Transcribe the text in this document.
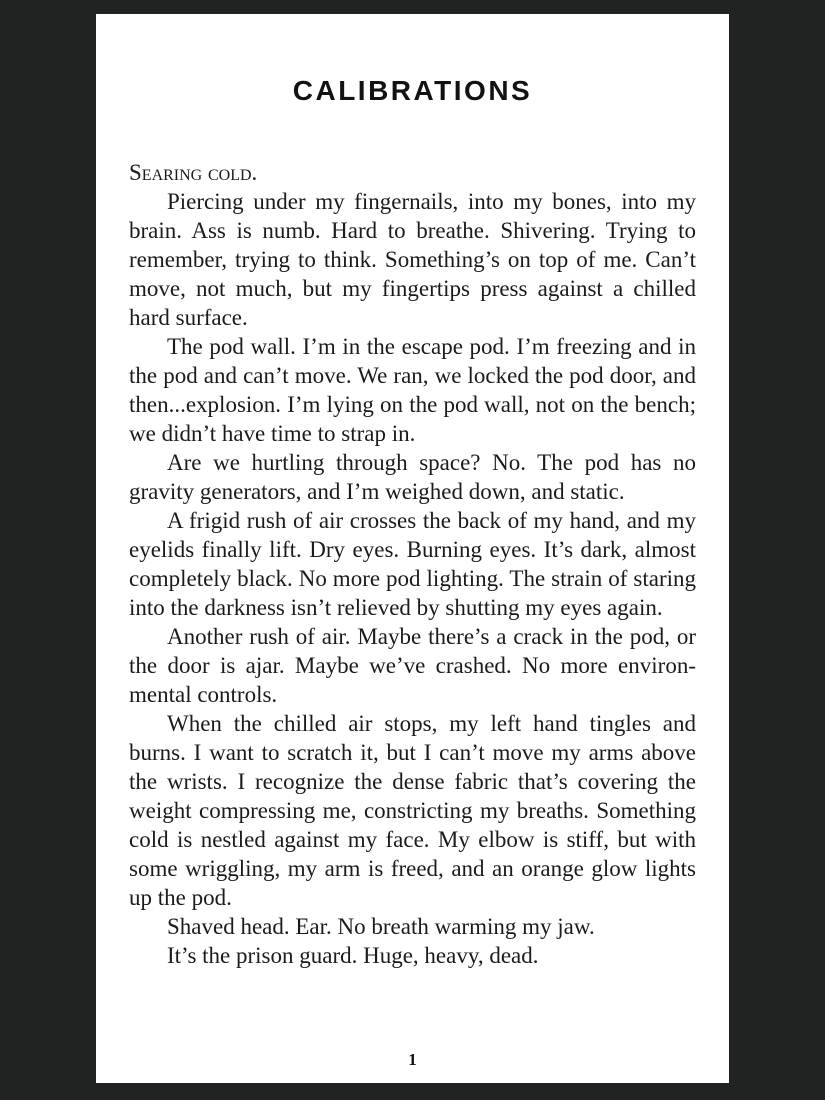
CALIBRATIONS

Searing cold.

Piercing under my fingernails, into my bones, into my brain. Ass is numb. Hard to breathe. Shivering. Trying to remember, trying to think. Something’s on top of me. Can’t move, not much, but my fingertips press against a chilled hard surface.

The pod wall. I’m in the escape pod. I’m freezing and in the pod and can’t move. We ran, we locked the pod door, and then...explosion. I’m lying on the pod wall, not on the bench; we didn’t have time to strap in.

Are we hurtling through space? No. The pod has no gravity generators, and I’m weighed down, and static.

A frigid rush of air crosses the back of my hand, and my eyelids finally lift. Dry eyes. Burning eyes. It’s dark, almost completely black. No more pod lighting. The strain of staring into the darkness isn’t relieved by shutting my eyes again.

Another rush of air. Maybe there’s a crack in the pod, or the door is ajar. Maybe we’ve crashed. No more environmental controls.

When the chilled air stops, my left hand tingles and burns. I want to scratch it, but I can’t move my arms above the wrists. I recognize the dense fabric that’s covering the weight compressing me, constricting my breaths. Something cold is nestled against my face. My elbow is stiff, but with some wriggling, my arm is freed, and an orange glow lights up the pod.

Shaved head. Ear. No breath warming my jaw.

It’s the prison guard. Huge, heavy, dead.

1
